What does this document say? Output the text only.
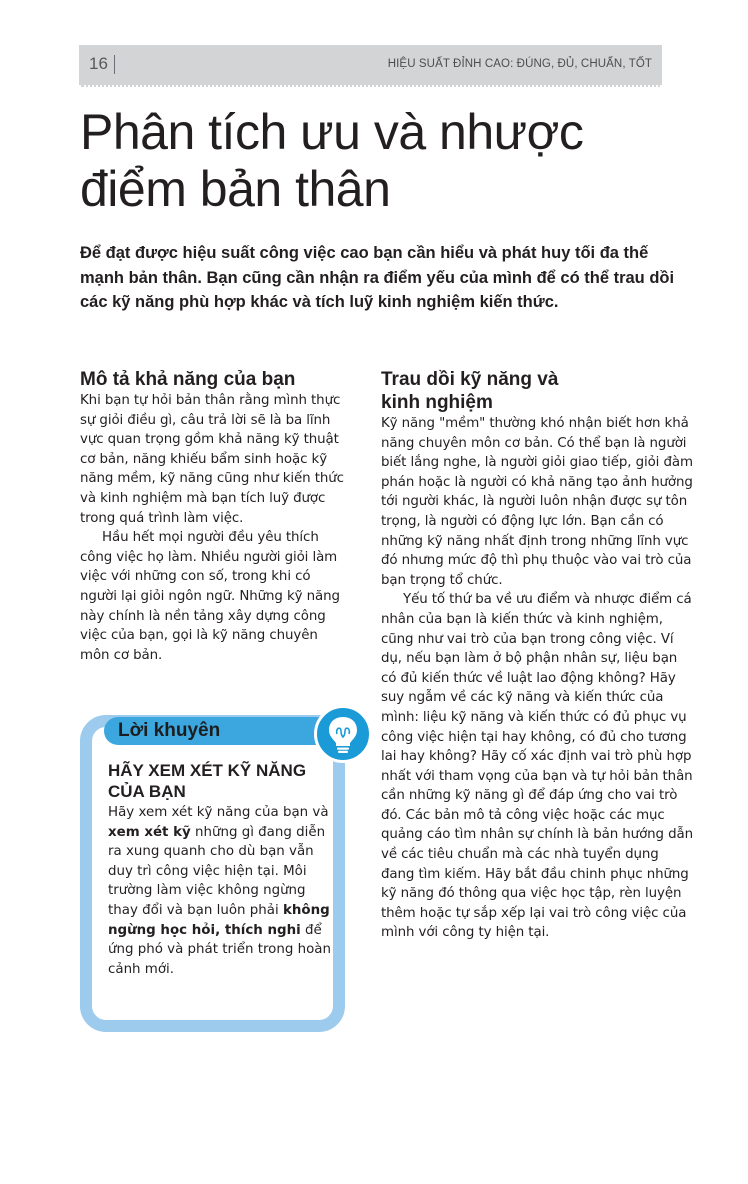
16	HIỆU SUẤT ĐỈNH CAO: ĐÚNG, ĐỦ, CHUẨN, TỐT
Phân tích ưu và nhược
điểm bản thân

Để đạt được hiệu suất công việc cao bạn cần hiểu và phát huy tối đa thế mạnh bản thân. Bạn cũng cần nhận ra điểm yếu của mình để có thể trau dồi các kỹ năng phù hợp khác và tích luỹ kinh nghiệm kiến thức.

Mô tả khả năng của bạn

Khi bạn tự hỏi bản thân rằng mình thực sự giỏi điều gì, câu trả lời sẽ là ba lĩnh vực quan trọng gồm khả năng kỹ thuật cơ bản, năng khiếu bẩm sinh hoặc kỹ năng mềm, kỹ năng cũng như kiến thức và kinh nghiệm mà bạn tích luỹ được trong quá trình làm việc.

Hầu hết mọi người đều yêu thích công việc họ làm. Nhiều người giỏi làm việc với những con số, trong khi có người lại giỏi ngôn ngữ. Những kỹ năng này chính là nền tảng xây dựng công việc của bạn, gọi là kỹ năng chuyên môn cơ bản.

Lời khuyên
HÃY XEM XÉT KỸ NĂNG CỦA BẠN

Hãy xem xét kỹ năng của bạn và xem xét kỹ những gì đang diễn ra xung quanh cho dù bạn vẫn duy trì công việc hiện tại. Môi trường làm việc không ngừng thay đổi và bạn luôn phải không ngừng học hỏi, thích nghi để ứng phó và phát triển trong hoàn cảnh mới.

Trau dồi kỹ năng và kinh nghiệm

Kỹ năng "mềm" thường khó nhận biết hơn khả năng chuyên môn cơ bản. Có thể bạn là người biết lắng nghe, là người giỏi giao tiếp, giỏi đàm phán hoặc là người có khả năng tạo ảnh hưởng tới người khác, là người luôn nhận được sự tôn trọng, là người có động lực lớn. Bạn cần có những kỹ năng nhất định trong những lĩnh vực đó nhưng mức độ thì phụ thuộc vào vai trò của bạn trọng tổ chức.

Yếu tố thứ ba về ưu điểm và nhược điểm cá nhân của bạn là kiến thức và kinh nghiệm, cũng như vai trò của bạn trong công việc. Ví dụ, nếu bạn làm ở bộ phận nhân sự, liệu bạn có đủ kiến thức về luật lao động không? Hãy suy ngẫm về các kỹ năng và kiến thức của mình: liệu kỹ năng và kiến thức có đủ phục vụ công việc hiện tại hay không, có đủ cho tương lai hay không? Hãy cố xác định vai trò phù hợp nhất với tham vọng của bạn và tự hỏi bản thân cần những kỹ năng gì để đáp ứng cho vai trò đó. Các bản mô tả công việc hoặc các mục quảng cáo tìm nhân sự chính là bản hướng dẫn về các tiêu chuẩn mà các nhà tuyển dụng đang tìm kiếm. Hãy bắt đầu chinh phục những kỹ năng đó thông qua việc học tập, rèn luyện thêm hoặc tự sắp xếp lại vai trò công việc của mình với công ty hiện tại.
